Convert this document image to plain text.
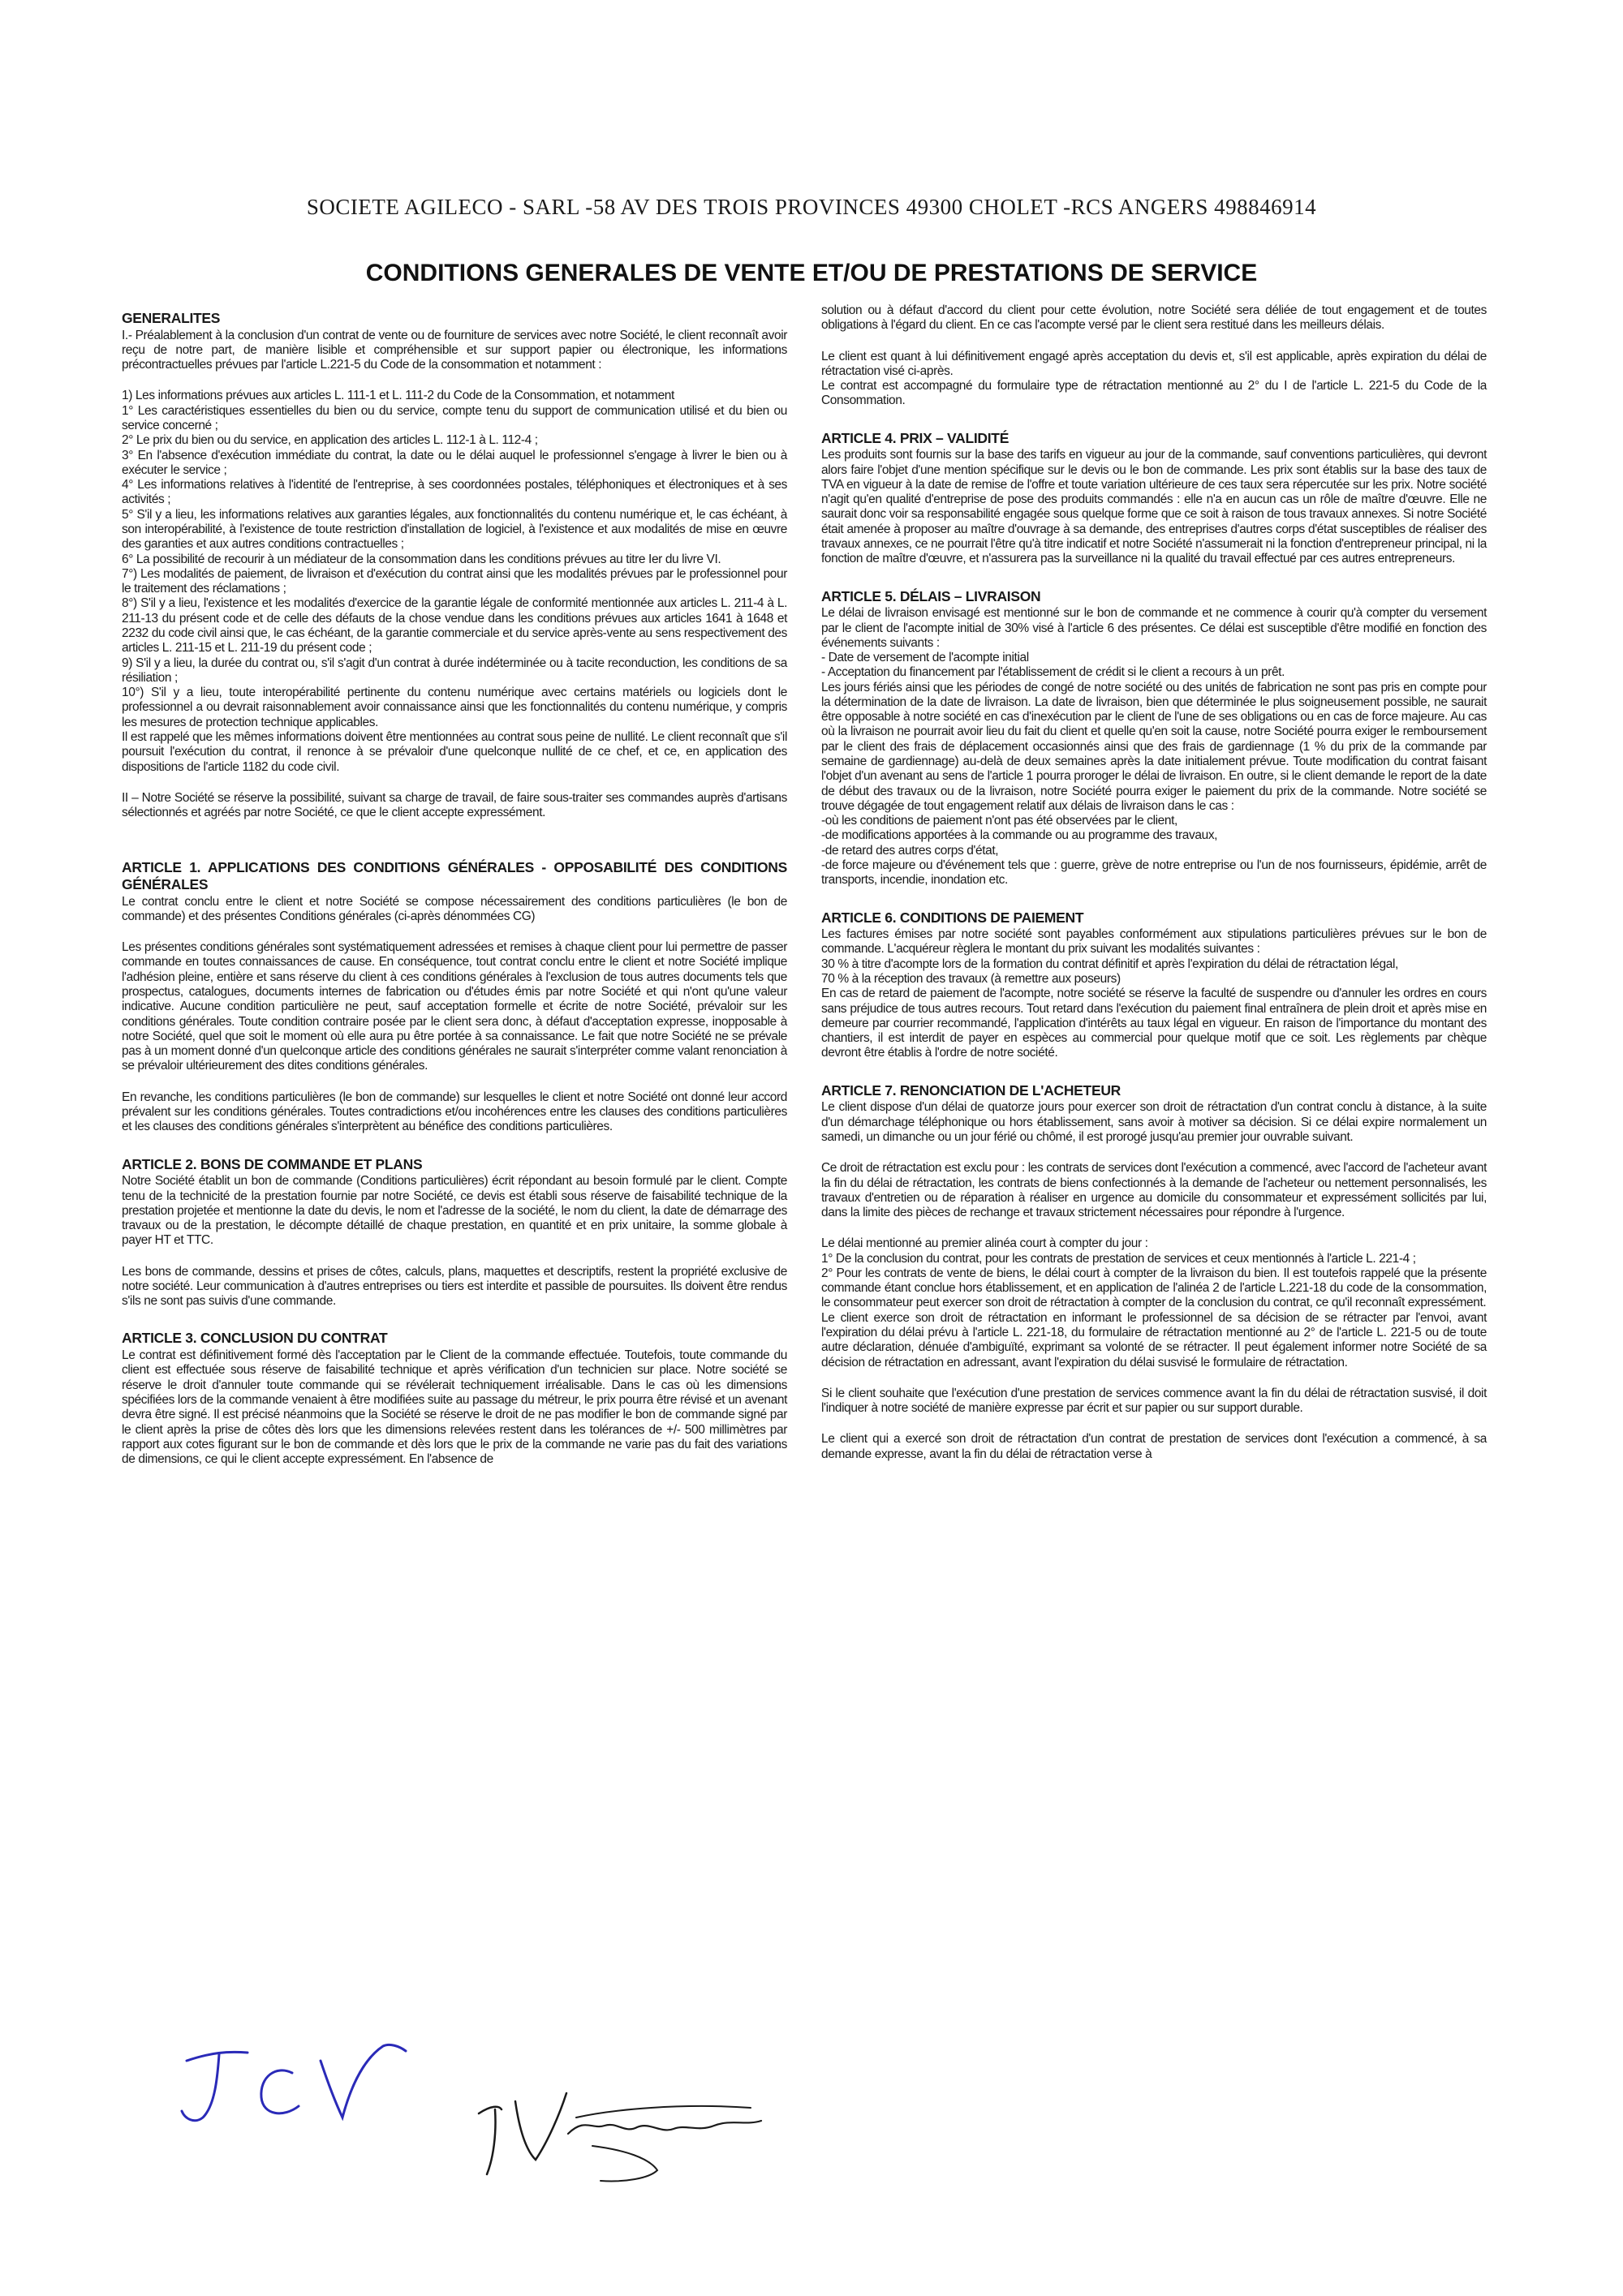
SOCIETE AGILECO - SARL -58 AV DES TROIS PROVINCES 49300 CHOLET -RCS ANGERS 498846914
CONDITIONS GENERALES DE VENTE ET/OU DE PRESTATIONS DE SERVICE
GENERALITES
I.- Préalablement à la conclusion d'un contrat de vente ou de fourniture de services avec notre Société, le client reconnaît avoir reçu de notre part, de manière lisible et compréhensible et sur support papier ou électronique, les informations précontractuelles prévues par l'article L.221-5 du Code de la consommation et notamment :
1) Les informations prévues aux articles L. 111-1 et L. 111-2 du Code de la Consommation, et notamment
1° Les caractéristiques essentielles du bien ou du service, compte tenu du support de communication utilisé et du bien ou service concerné ;
2° Le prix du bien ou du service, en application des articles L. 112-1 à L. 112-4 ;
3° En l'absence d'exécution immédiate du contrat, la date ou le délai auquel le professionnel s'engage à livrer le bien ou à exécuter le service ;
4° Les informations relatives à l'identité de l'entreprise, à ses coordonnées postales, téléphoniques et électroniques et à ses activités ;
5° S'il y a lieu, les informations relatives aux garanties légales, aux fonctionnalités du contenu numérique et, le cas échéant, à son interopérabilité, à l'existence de toute restriction d'installation de logiciel, à l'existence et aux modalités de mise en œuvre des garanties et aux autres conditions contractuelles ;
6° La possibilité de recourir à un médiateur de la consommation dans les conditions prévues au titre Ier du livre VI.
7°) Les modalités de paiement, de livraison et d'exécution du contrat ainsi que les modalités prévues par le professionnel pour le traitement des réclamations ;
8°) S'il y a lieu, l'existence et les modalités d'exercice de la garantie légale de conformité mentionnée aux articles L. 211-4 à L. 211-13 du présent code et de celle des défauts de la chose vendue dans les conditions prévues aux articles 1641 à 1648 et 2232 du code civil ainsi que, le cas échéant, de la garantie commerciale et du service après-vente au sens respectivement des articles L. 211-15 et L. 211-19 du présent code ;
9) S'il y a lieu, la durée du contrat ou, s'il s'agit d'un contrat à durée indéterminée ou à tacite reconduction, les conditions de sa résiliation ;
10°) S'il y a lieu, toute interopérabilité pertinente du contenu numérique avec certains matériels ou logiciels dont le professionnel a ou devrait raisonnablement avoir connaissance ainsi que les fonctionnalités du contenu numérique, y compris les mesures de protection technique applicables.
Il est rappelé que les mêmes informations doivent être mentionnées au contrat sous peine de nullité. Le client reconnaît que s'il poursuit l'exécution du contrat, il renonce à se prévaloir d'une quelconque nullité de ce chef, et ce, en application des dispositions de l'article 1182 du code civil.
II – Notre Société se réserve la possibilité, suivant sa charge de travail, de faire sous-traiter ses commandes auprès d'artisans sélectionnés et agréés par notre Société, ce que le client accepte expressément.
ARTICLE 1. APPLICATIONS DES CONDITIONS GÉNÉRALES - OPPOSABILITÉ DES CONDITIONS GÉNÉRALES
Le contrat conclu entre le client et notre Société se compose nécessairement des conditions particulières (le bon de commande) et des présentes Conditions générales (ci-après dénommées CG)
Les présentes conditions générales sont systématiquement adressées et remises à chaque client pour lui permettre de passer commande en toutes connaissances de cause. En conséquence, tout contrat conclu entre le client et notre Société implique l'adhésion pleine, entière et sans réserve du client à ces conditions générales à l'exclusion de tous autres documents tels que prospectus, catalogues, documents internes de fabrication ou d'études émis par notre Société et qui n'ont qu'une valeur indicative. Aucune condition particulière ne peut, sauf acceptation formelle et écrite de notre Société, prévaloir sur les conditions générales. Toute condition contraire posée par le client sera donc, à défaut d'acceptation expresse, inopposable à notre Société, quel que soit le moment où elle aura pu être portée à sa connaissance. Le fait que notre Société ne se prévale pas à un moment donné d'un quelconque article des conditions générales ne saurait s'interpréter comme valant renonciation à se prévaloir ultérieurement des dites conditions générales.
En revanche, les conditions particulières (le bon de commande) sur lesquelles le client et notre Société ont donné leur accord prévalent sur les conditions générales. Toutes contradictions et/ou incohérences entre les clauses des conditions particulières et les clauses des conditions générales s'interprètent au bénéfice des conditions particulières.
ARTICLE 2. BONS DE COMMANDE ET PLANS
Notre Société établit un bon de commande (Conditions particulières) écrit répondant au besoin formulé par le client. Compte tenu de la technicité de la prestation fournie par notre Société, ce devis est établi sous réserve de faisabilité technique de la prestation projetée et mentionne la date du devis, le nom et l'adresse de la société, le nom du client, la date de démarrage des travaux ou de la prestation, le décompte détaillé de chaque prestation, en quantité et en prix unitaire, la somme globale à payer HT et TTC.
Les bons de commande, dessins et prises de côtes, calculs, plans, maquettes et descriptifs, restent la propriété exclusive de notre société. Leur communication à d'autres entreprises ou tiers est interdite et passible de poursuites. Ils doivent être rendus s'ils ne sont pas suivis d'une commande.
ARTICLE 3. CONCLUSION DU CONTRAT
Le contrat est définitivement formé dès l'acceptation par le Client de la commande effectuée. Toutefois, toute commande du client est effectuée sous réserve de faisabilité technique et après vérification d'un technicien sur place. Notre société se réserve le droit d'annuler toute commande qui se révélerait techniquement irréalisable. Dans le cas où les dimensions spécifiées lors de la commande venaient à être modifiées suite au passage du métreur, le prix pourra être révisé et un avenant devra être signé. Il est précisé néanmoins que la Société se réserve le droit de ne pas modifier le bon de commande signé par le client après la prise de côtes dès lors que les dimensions relevées restent dans les tolérances de +/- 500 millimètres par rapport aux cotes figurant sur le bon de commande et dès lors que le prix de la commande ne varie pas du fait des variations de dimensions, ce qui le client accepte expressément. En l'absence de
solution ou à défaut d'accord du client pour cette évolution, notre Société sera déliée de tout engagement et de toutes obligations à l'égard du client. En ce cas l'acompte versé par le client sera restitué dans les meilleurs délais.
Le client est quant à lui définitivement engagé après acceptation du devis et, s'il est applicable, après expiration du délai de rétractation visé ci-après.
Le contrat est accompagné du formulaire type de rétractation mentionné au 2° du I de l'article L. 221-5 du Code de la Consommation.
ARTICLE 4. PRIX – VALIDITÉ
Les produits sont fournis sur la base des tarifs en vigueur au jour de la commande, sauf conventions particulières, qui devront alors faire l'objet d'une mention spécifique sur le devis ou le bon de commande. Les prix sont établis sur la base des taux de TVA en vigueur à la date de remise de l'offre et toute variation ultérieure de ces taux sera répercutée sur les prix. Notre société n'agit qu'en qualité d'entreprise de pose des produits commandés : elle n'a en aucun cas un rôle de maître d'œuvre. Elle ne saurait donc voir sa responsabilité engagée sous quelque forme que ce soit à raison de tous travaux annexes. Si notre Société était amenée à proposer au maître d'ouvrage à sa demande, des entreprises d'autres corps d'état susceptibles de réaliser des travaux annexes, ce ne pourrait l'être qu'à titre indicatif et notre Société n'assumerait ni la fonction d'entrepreneur principal, ni la fonction de maître d'œuvre, et n'assurera pas la surveillance ni la qualité du travail effectué par ces autres entrepreneurs.
ARTICLE 5. DÉLAIS – LIVRAISON
Le délai de livraison envisagé est mentionné sur le bon de commande et ne commence à courir qu'à compter du versement par le client de l'acompte initial de 30% visé à l'article 6 des présentes. Ce délai est susceptible d'être modifié en fonction des événements suivants :
- Date de versement de l'acompte initial
- Acceptation du financement par l'établissement de crédit si le client a recours à un prêt.
Les jours fériés ainsi que les périodes de congé de notre société ou des unités de fabrication ne sont pas pris en compte pour la détermination de la date de livraison. La date de livraison, bien que déterminée le plus soigneusement possible, ne saurait être opposable à notre société en cas d'inexécution par le client de l'une de ses obligations ou en cas de force majeure. Au cas où la livraison ne pourrait avoir lieu du fait du client et quelle qu'en soit la cause, notre Société pourra exiger le remboursement par le client des frais de déplacement occasionnés ainsi que des frais de gardiennage (1 % du prix de la commande par semaine de gardiennage) au-delà de deux semaines après la date initialement prévue. Toute modification du contrat faisant l'objet d'un avenant au sens de l'article 1 pourra proroger le délai de livraison. En outre, si le client demande le report de la date de début des travaux ou de la livraison, notre Société pourra exiger le paiement du prix de la commande. Notre société se trouve dégagée de tout engagement relatif aux délais de livraison dans le cas :
-où les conditions de paiement n'ont pas été observées par le client,
-de modifications apportées à la commande ou au programme des travaux,
-de retard des autres corps d'état,
-de force majeure ou d'événement tels que : guerre, grève de notre entreprise ou l'un de nos fournisseurs, épidémie, arrêt de transports, incendie, inondation etc.
ARTICLE 6. CONDITIONS DE PAIEMENT
Les factures émises par notre société sont payables conformément aux stipulations particulières prévues sur le bon de commande. L'acquéreur règlera le montant du prix suivant les modalités suivantes :
30 % à titre d'acompte lors de la formation du contrat définitif et après l'expiration du délai de rétractation légal,
70 % à la réception des travaux (à remettre aux poseurs)
En cas de retard de paiement de l'acompte, notre société se réserve la faculté de suspendre ou d'annuler les ordres en cours sans préjudice de tous autres recours. Tout retard dans l'exécution du paiement final entraînera de plein droit et après mise en demeure par courrier recommandé, l'application d'intérêts au taux légal en vigueur. En raison de l'importance du montant des chantiers, il est interdit de payer en espèces au commercial pour quelque motif que ce soit. Les règlements par chèque devront être établis à l'ordre de notre société.
ARTICLE 7. RENONCIATION DE L'ACHETEUR
Le client dispose d'un délai de quatorze jours pour exercer son droit de rétractation d'un contrat conclu à distance, à la suite d'un démarchage téléphonique ou hors établissement, sans avoir à motiver sa décision. Si ce délai expire normalement un samedi, un dimanche ou un jour férié ou chômé, il est prorogé jusqu'au premier jour ouvrable suivant.
Ce droit de rétractation est exclu pour : les contrats de services dont l'exécution a commencé, avec l'accord de l'acheteur avant la fin du délai de rétractation, les contrats de biens confectionnés à la demande de l'acheteur ou nettement personnalisés, les travaux d'entretien ou de réparation à réaliser en urgence au domicile du consommateur et expressément sollicités par lui, dans la limite des pièces de rechange et travaux strictement nécessaires pour répondre à l'urgence.
Le délai mentionné au premier alinéa court à compter du jour :
1° De la conclusion du contrat, pour les contrats de prestation de services et ceux mentionnés à l'article L. 221-4 ;
2° Pour les contrats de vente de biens, le délai court à compter de la livraison du bien. Il est toutefois rappelé que la présente commande étant conclue hors établissement, et en application de l'alinéa 2 de l'article L.221-18 du code de la consommation, le consommateur peut exercer son droit de rétractation à compter de la conclusion du contrat, ce qu'il reconnaît expressément.
Le client exerce son droit de rétractation en informant le professionnel de sa décision de se rétracter par l'envoi, avant l'expiration du délai prévu à l'article L. 221-18, du formulaire de rétractation mentionné au 2° de l'article L. 221-5 ou de toute autre déclaration, dénuée d'ambiguïté, exprimant sa volonté de se rétracter. Il peut également informer notre Société de sa décision de rétractation en adressant, avant l'expiration du délai susvisé le formulaire de rétractation.
Si le client souhaite que l'exécution d'une prestation de services commence avant la fin du délai de rétractation susvisé, il doit l'indiquer à notre société de manière expresse par écrit et sur papier ou sur support durable.
Le client qui a exercé son droit de rétractation d'un contrat de prestation de services dont l'exécution a commencé, à sa demande expresse, avant la fin du délai de rétractation verse à
